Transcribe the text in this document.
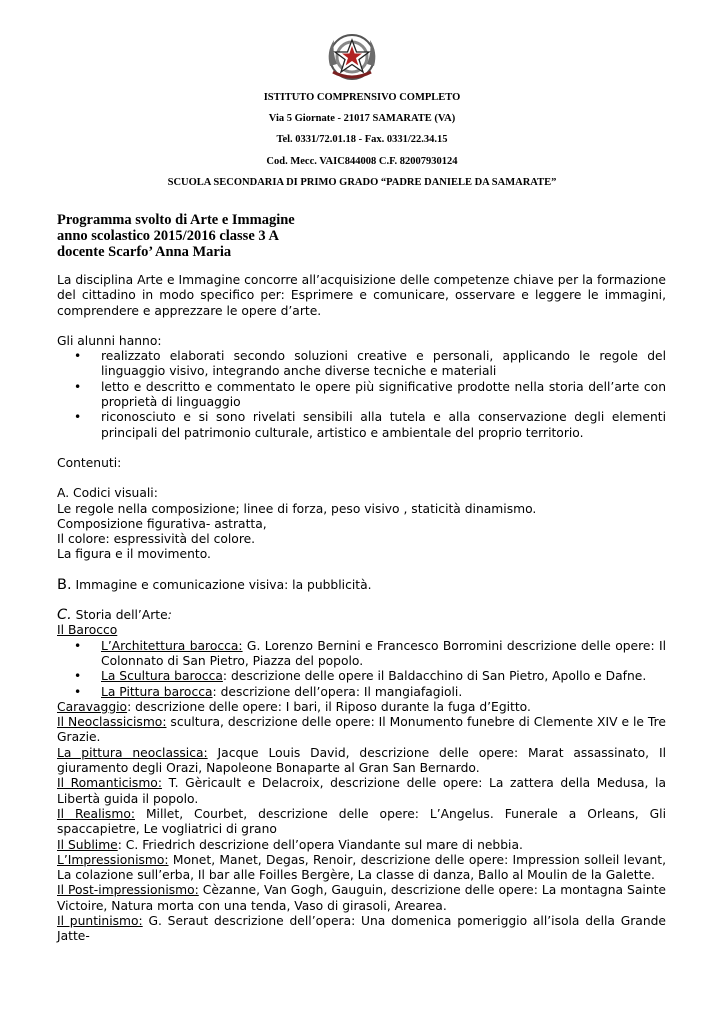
ISTITUTO COMPRENSIVO COMPLETO
Via 5 Giornate - 21017 SAMARATE (VA)
Tel. 0331/72.01.18 - Fax. 0331/22.34.15
Cod. Mecc. VAIC844008 C.F. 82007930124
SCUOLA SECONDARIA DI PRIMO GRADO “PADRE DANIELE DA SAMARATE”
Programma svolto di Arte e Immagine
anno scolastico 2015/2016 classe 3 A
docente Scarfo’ Anna Maria

La disciplina Arte e Immagine concorre all’acquisizione delle competenze chiave per la formazione del cittadino in modo specifico per: Esprimere e comunicare, osservare e leggere le immagini, comprendere e apprezzare le opere d’arte.

Gli alunni hanno:

•	realizzato elaborati secondo soluzioni creative e personali, applicando le regole del linguaggio visivo, integrando anche diverse tecniche e materiali
•	letto e descritto e commentato le opere più significative prodotte nella storia dell’arte con proprietà di linguaggio
•	riconosciuto e si sono rivelati sensibili alla tutela e alla conservazione degli elementi principali del patrimonio culturale, artistico e ambientale del proprio territorio.

Contenuti:

A. Codici visuali:

Le regole nella composizione; linee di forza, peso visivo , staticità dinamismo.

Composizione figurativa- astratta,

Il colore: espressività del colore.

La figura e il movimento.

B. Immagine e comunicazione visiva: la pubblicità.

C. Storia dell’Arte:

Il Barocco

•	L’Architettura barocca: G. Lorenzo Bernini e Francesco Borromini descrizione delle opere: Il Colonnato di San Pietro, Piazza del popolo.
•	La Scultura barocca: descrizione delle opere il Baldacchino di San Pietro, Apollo e Dafne.
•	La Pittura barocca: descrizione dell’opera: Il mangiafagioli.

Caravaggio: descrizione delle opere: I bari, il Riposo durante la fuga d’Egitto.

Il Neoclassicismo: scultura, descrizione delle opere: Il Monumento funebre di Clemente XIV e le Tre Grazie.

La pittura neoclassica: Jacque Louis David, descrizione delle opere: Marat assassinato, Il giuramento degli Orazi, Napoleone Bonaparte al Gran San Bernardo.

Il Romanticismo: T. Gèricault e Delacroix, descrizione delle opere: La zattera della Medusa, la Libertà guida il popolo.

Il Realismo: Millet, Courbet, descrizione delle opere: L’Angelus. Funerale a Orleans, Gli spaccapietre, Le vogliatrici di grano

Il Sublime: C. Friedrich descrizione dell’opera Viandante sul mare di nebbia.

L’Impressionismo: Monet, Manet, Degas, Renoir, descrizione delle opere: Impression solleil levant, La colazione sull’erba, Il bar alle Foilles Bergère, La classe di danza, Ballo al Moulin de la Galette.

Il Post-impressionismo: Cèzanne, Van Gogh, Gauguin, descrizione delle opere: La montagna Sainte Victoire, Natura morta con una tenda, Vaso di girasoli, Arearea.

Il puntinismo: G. Seraut descrizione dell’opera: Una domenica pomeriggio all’isola della Grande Jatte-
